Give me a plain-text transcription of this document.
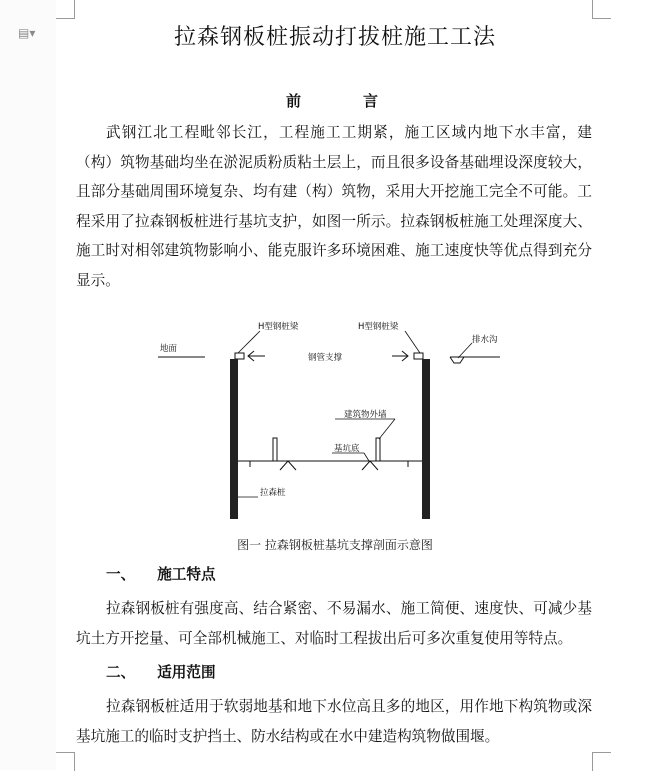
▤▾	拉森钢板桩振动打拔桩施工工法
前	言
武钢江北工程毗邻长江，工程施工工期紧，施工区域内地下水丰富，建（构）筑物基础均坐在淤泥质粉质粘土层上，而且很多设备基础埋设深度较大，且部分基础周围环境复杂、均有建（构）筑物，采用大开挖施工完全不可能。工程采用了拉森钢板桩进行基坑支护，如图一所示。拉森钢板桩施工处理深度大、施工时对相邻建筑物影响小、能克服许多环境困难、施工速度快等优点得到充分显示。
H型钢桩梁	H型钢桩梁
地面
排水沟
钢管支撑
建筑物外墙
基坑底
拉森桩
图一 拉森钢板桩基坑支撑剖面示意图
一、 施工特点
拉森钢板桩有强度高、结合紧密、不易漏水、施工简便、速度快、可减少基坑土方开挖量、可全部机械施工、对临时工程拔出后可多次重复使用等特点。
二、 适用范围
拉森钢板桩适用于软弱地基和地下水位高且多的地区，用作地下构筑物或深基坑施工的临时支护挡土、防水结构或在水中建造构筑物做围堰。
